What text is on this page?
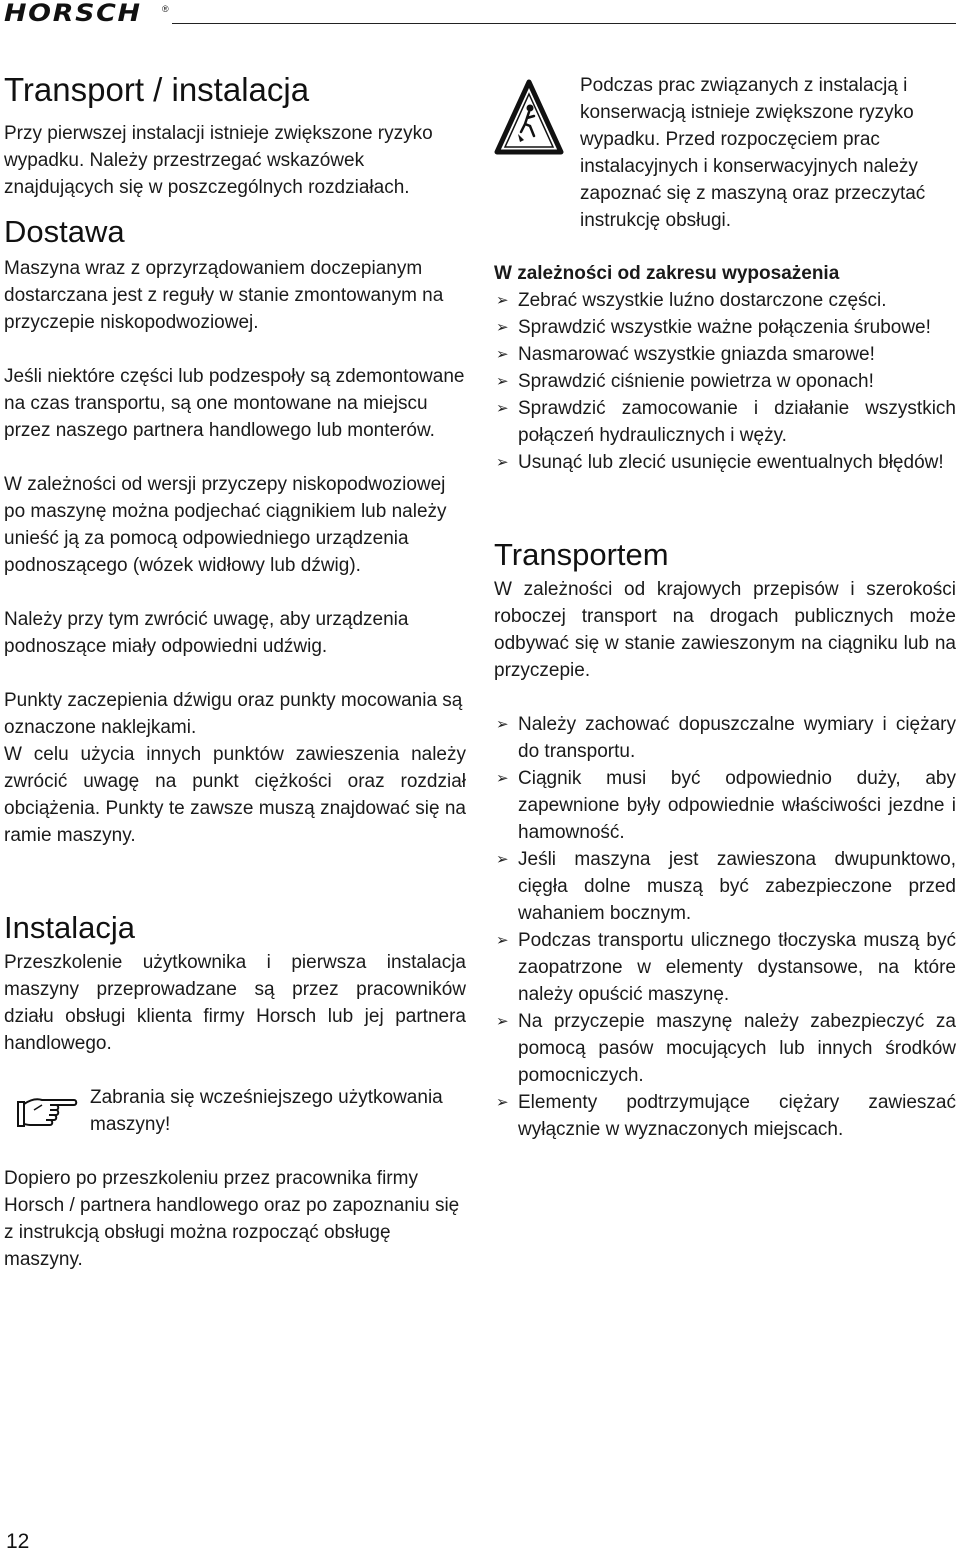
HORSCH ®
Transport / instalacja

Przy pierwszej instalacji istnieje zwiększone ryzyko wypadku. Należy przestrzegać wskazówek znajdujących się w poszczególnych rozdziałach.

Dostawa

Maszyna wraz z oprzyrządowaniem doczepianym dostarczana jest z reguły w stanie zmontowanym na przyczepie niskopodwoziowej.

Jeśli niektóre części lub podzespoły są zdemontowane na czas transportu, są one montowane na miejscu przez naszego partnera handlowego lub monterów.

W zależności od wersji przyczepy niskopodwoziowej po maszynę można podjechać ciągnikiem lub należy unieść ją za pomocą odpowiedniego urządzenia podnoszącego (wózek widłowy lub dźwig).

Należy przy tym zwrócić uwagę, aby urządzenia podnoszące miały odpowiedni udźwig.

Punkty zaczepienia dźwigu oraz punkty mocowania są oznaczone naklejkami.

W celu użycia innych punktów zawieszenia należy zwrócić uwagę na punkt ciężkości oraz rozdział obciążenia. Punkty te zawsze muszą znajdować się na ramie maszyny.

Instalacja

Przeszkolenie użytkownika i pierwsza instalacja maszyny przeprowadzane są przez pracowników działu obsługi klienta firmy Horsch lub jej partnera handlowego.

Zabrania się wcześniejszego użytkowania maszyny!

Dopiero po przeszkoleniu przez pracownika firmy Horsch / partnera handlowego oraz po zapoznaniu się z instrukcją obsługi można rozpocząć obsługę maszyny.

Podczas prac związanych z instalacją i konserwacją istnieje zwiększone ryzyko wypadku. Przed rozpoczęciem prac instalacyjnych i konserwacyjnych należy zapoznać się z maszyną oraz przeczytać instrukcję obsługi.

W zależności od zakresu wyposażenia

➢ Zebrać wszystkie luźno dostarczone części.
➢ Sprawdzić wszystkie ważne połączenia śrubowe!
➢ Nasmarować wszystkie gniazda smarowe!
➢ Sprawdzić ciśnienie powietrza w oponach!
➢ Sprawdzić zamocowanie i działanie wszystkich połączeń hydraulicznych i węży.
➢ Usunąć lub zlecić usunięcie ewentualnych błędów!
Transportem

W zależności od krajowych przepisów i szerokości roboczej transport na drogach publicznych może odbywać się w stanie zawieszonym na ciągniku lub na przyczepie.

➢ Należy zachować dopuszczalne wymiary i ciężary do transportu.
➢ Ciągnik musi być odpowiednio duży, aby zapewnione były odpowiednie właściwości jezdne i hamowność.
➢ Jeśli maszyna jest zawieszona dwupunktowo, cięgła dolne muszą być zabezpieczone przed wahaniem bocznym.
➢ Podczas transportu ulicznego tłoczyska muszą być zaopatrzone w elementy dystansowe, na które należy opuścić maszynę.
➢ Na przyczepie maszynę należy zabezpieczyć za pomocą pasów mocujących lub innych środków pomocniczych.
➢ Elementy podtrzymujące ciężary zawieszać wyłącznie w wyznaczonych miejscach.
12
